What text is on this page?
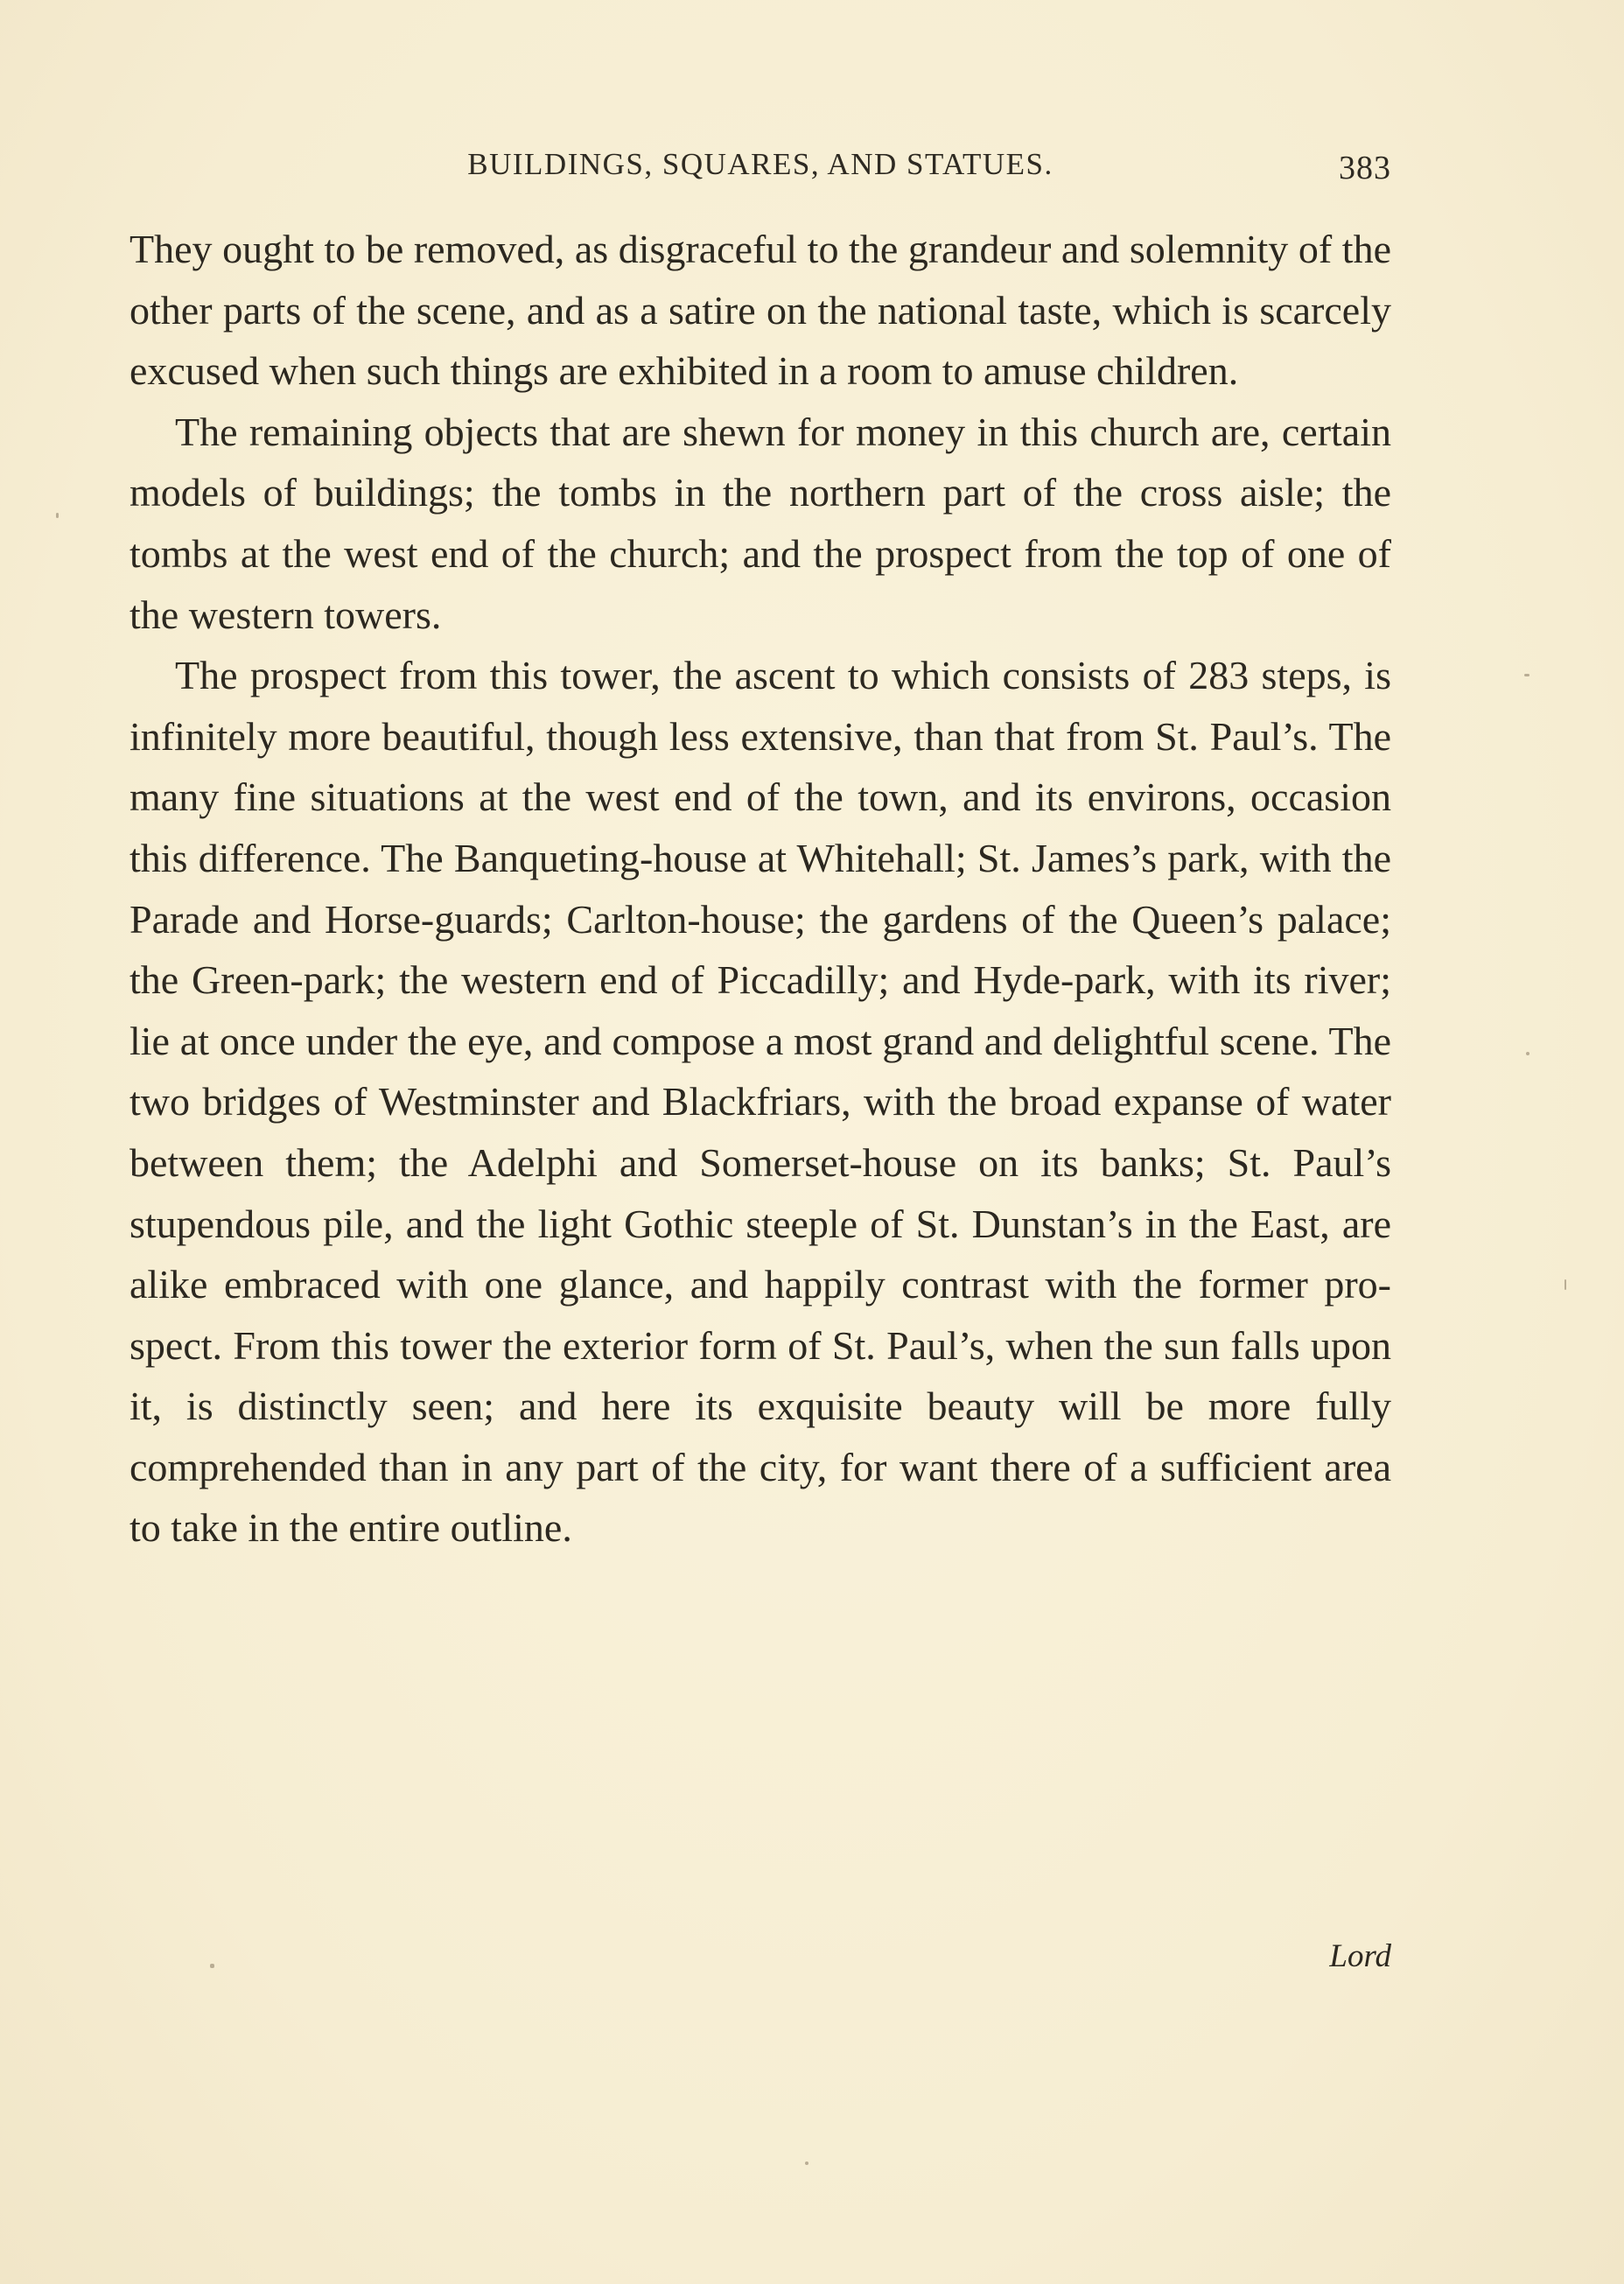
BUILDINGS, SQUARES, AND STATUES.	383

They ought to be removed, as disgraceful to the grandeur and solemnity of the other parts of the scene, and as a satire on the national taste, which is scarcely excused when such things are exhibited in a room to amuse children.

The remaining objects that are shewn for money in this church are, certain models of buildings; the tombs in the northern part of the cross aisle; the tombs at the west end of the church; and the prospect from the top of one of the western towers.

The prospect from this tower, the ascent to which consists of 283 steps, is infinitely more beautiful, though less extensive, than that from St. Paul’s. The many fine situations at the west end of the town, and its environs, occasion this difference. The Banqueting-house at Whitehall; St. James’s park, with the Parade and Horse-guards; Carlton-house; the gardens of the Queen’s palace; the Green-park; the western end of Piccadilly; and Hyde-park, with its river; lie at once under the eye, and compose a most grand and delightful scene. The two bridges of Westminster and Blackfriars, with the broad expanse of water between them; the Adelphi and Somerset-house on its banks; St. Paul’s stupendous pile, and the light Gothic steeple of St. Dunstan’s in the East, are alike embraced with one glance, and happily contrast with the former prospect. From this tower the exterior form of St. Paul’s, when the sun falls upon it, is distinctly seen; and here its exquisite beauty will be more fully comprehended than in any part of the city, for want there of a sufficient area to take in the entire outline.

Lord
